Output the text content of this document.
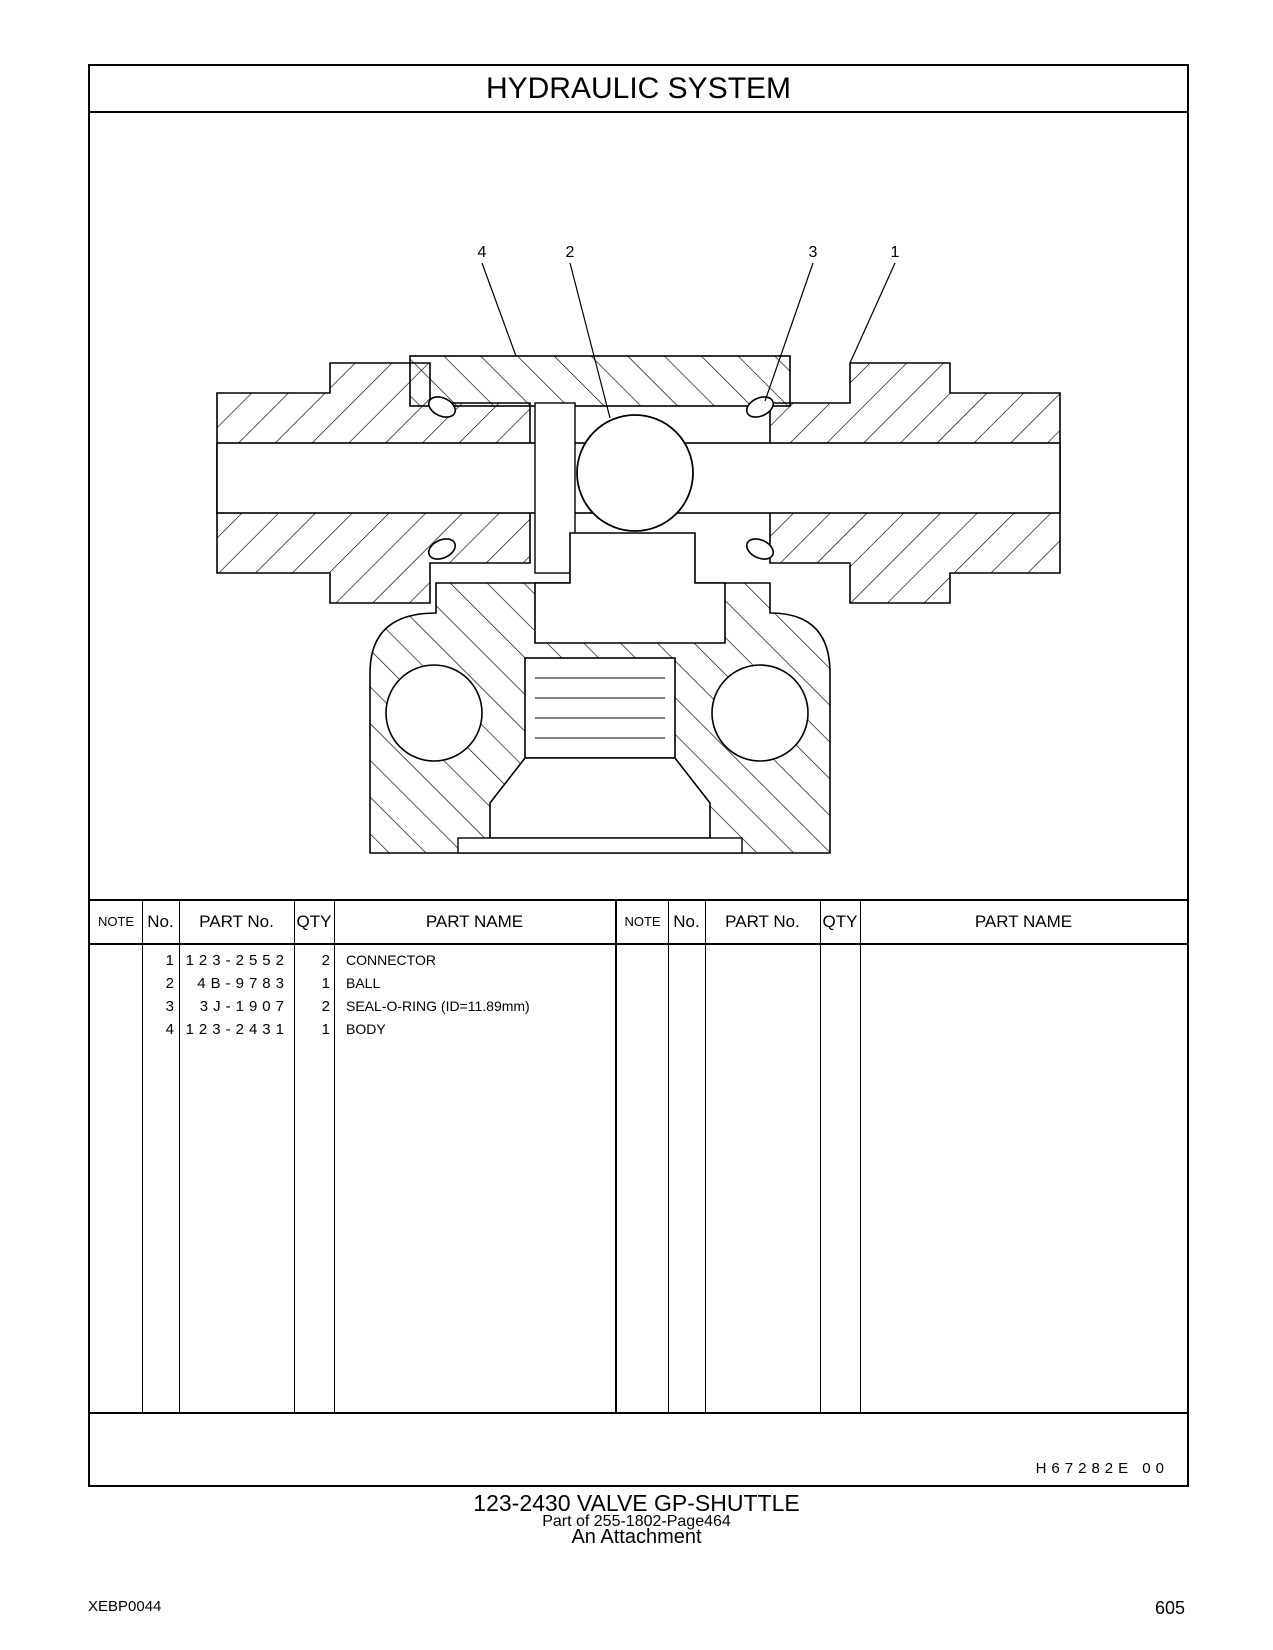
HYDRAULIC SYSTEM
4	2	3	1
NOTE No.	PART No.	QTY	PART NAME	NOTE No.	PART No.	QTY	PART NAME
1 123-2552	2 CONNECTOR
2	4B-9783	1 BALL
3	3J-1907	2 SEAL-O-RING (ID=11.89mm)
4 123-2431	1 BODY
H67282E 00
123-2430 VALVE GP-SHUTTLE
Part of 255-1802-Page464
An Attachment
XEBP0044	605
